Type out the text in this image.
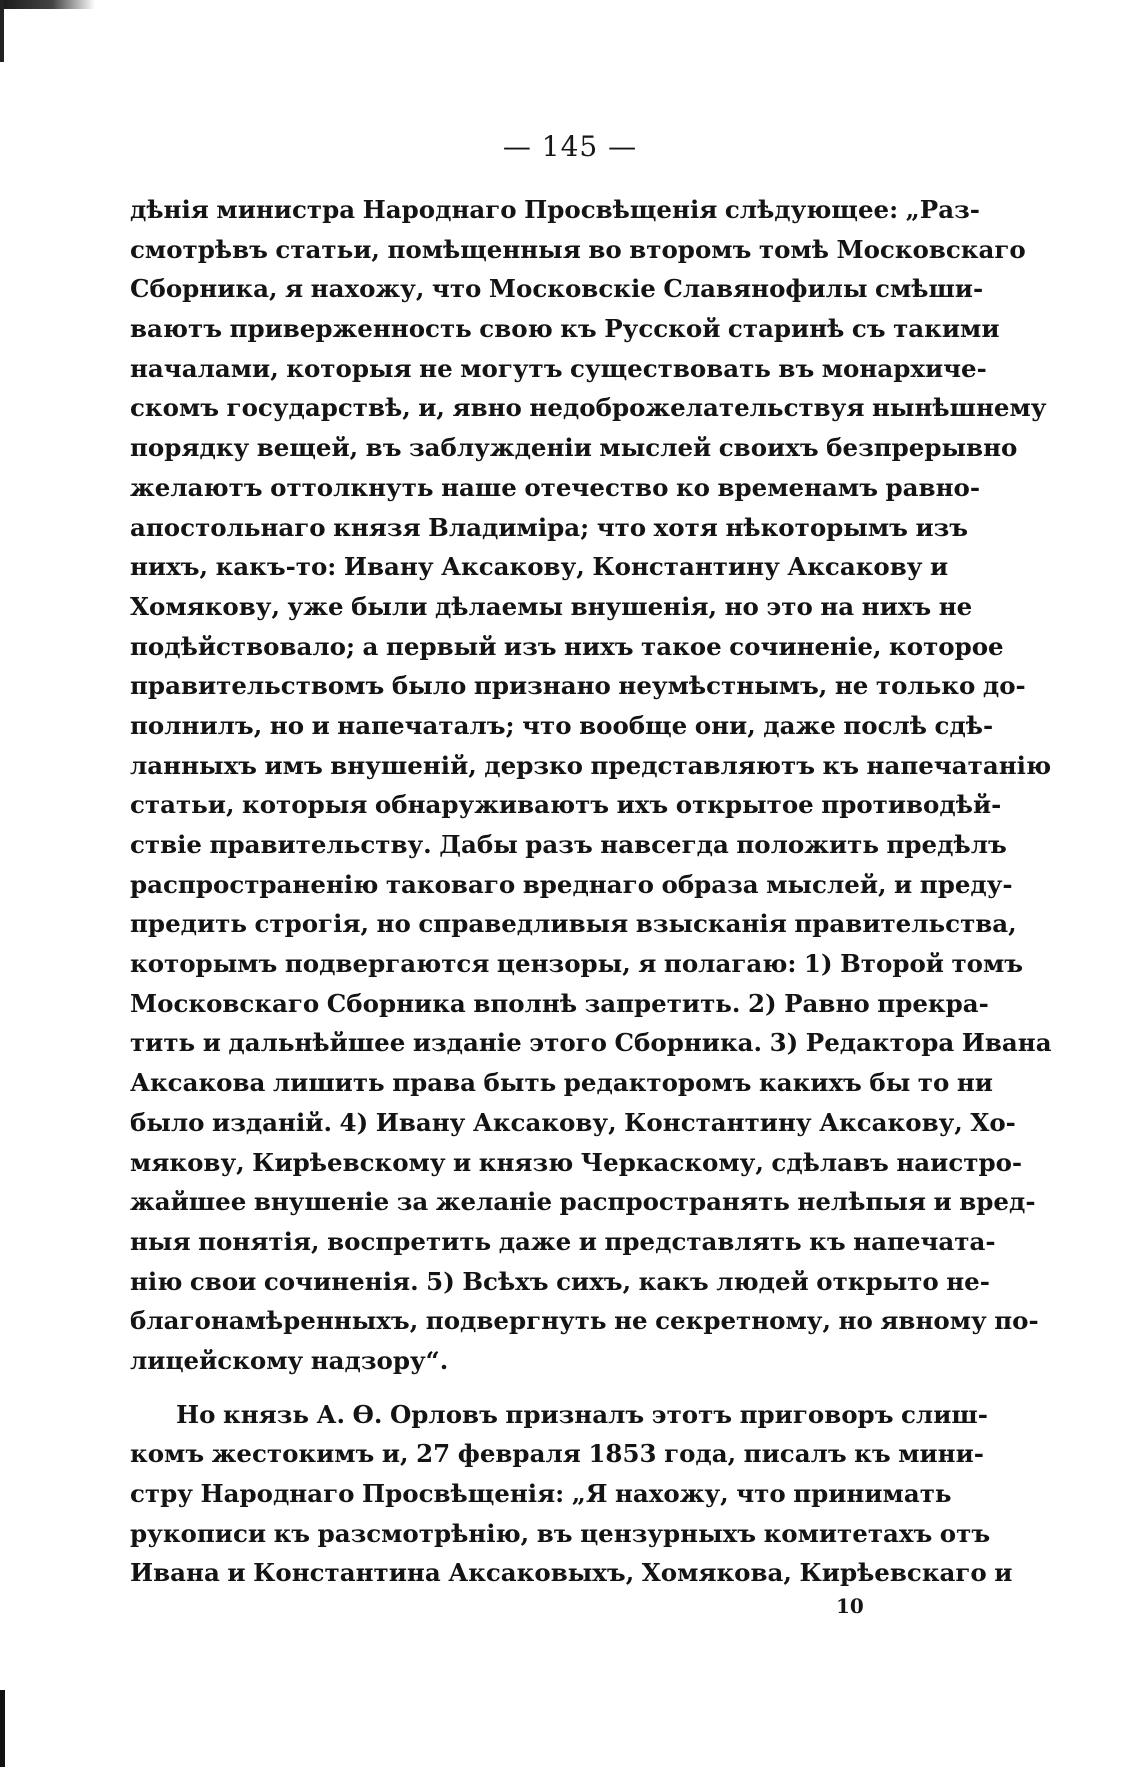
— 145 —
дѣнія министра Народнаго Просвѣщенія слѣдующее: „Раз-
смотрѣвъ статьи, помѣщенныя во второмъ томѣ Московскаго
Сборника, я нахожу, что Московскіе Славянофилы смѣши-
ваютъ приверженность свою къ Русской старинѣ съ такими
началами, которыя не могутъ существовать въ монархиче-
скомъ государствѣ, и, явно недоброжелательствуя нынѣшнему
порядку вещей, въ заблужденіи мыслей своихъ безпрерывно
желаютъ оттолкнуть наше отечество ко временамъ равно-
апостольнаго князя Владиміра; что хотя нѣкоторымъ изъ
нихъ, какъ-то: Ивану Аксакову, Константину Аксакову и
Хомякову, уже были дѣлаемы внушенія, но это на нихъ не
подѣйствовало; а первый изъ нихъ такое сочиненіе, которое
правительствомъ было признано неумѣстнымъ, не только до-
полнилъ, но и напечаталъ; что вообще они, даже послѣ сдѣ-
ланныхъ имъ внушеній, дерзко представляютъ къ напечатанію
статьи, которыя обнаруживаютъ ихъ открытое противодѣй-
ствіе правительству. Дабы разъ навсегда положить предѣлъ
распространенію таковаго вреднаго образа мыслей, и преду-
предить строгія, но справедливыя взысканія правительства,
которымъ подвергаются цензоры, я полагаю: 1) Второй томъ
Московскаго Сборника вполнѣ запретить. 2) Равно прекра-
тить и дальнѣйшее изданіе этого Сборника. 3) Редактора Ивана
Аксакова лишить права быть редакторомъ какихъ бы то ни
было изданій. 4) Ивану Аксакову, Константину Аксакову, Хо-
мякову, Кирѣевскому и князю Черкаскому, сдѣлавъ наистро-
жайшее внушеніе за желаніе распространять нелѣпыя и вред-
ныя понятія, воспретить даже и представлять къ напечата-
нію свои сочиненія. 5) Всѣхъ сихъ, какъ людей открыто не-
благонамѣренныхъ, подвергнуть не секретному, но явному по-
лицейскому надзору“.
Но князь А. Ѳ. Орловъ призналъ этотъ приговоръ слиш-
комъ жестокимъ и, 27 февраля 1853 года, писалъ къ мини-
стру Народнаго Просвѣщенія: „Я нахожу, что принимать
рукописи къ разсмотрѣнію, въ цензурныхъ комитетахъ отъ
Ивана и Константина Аксаковыхъ, Хомякова, Кирѣевскаго и
10
